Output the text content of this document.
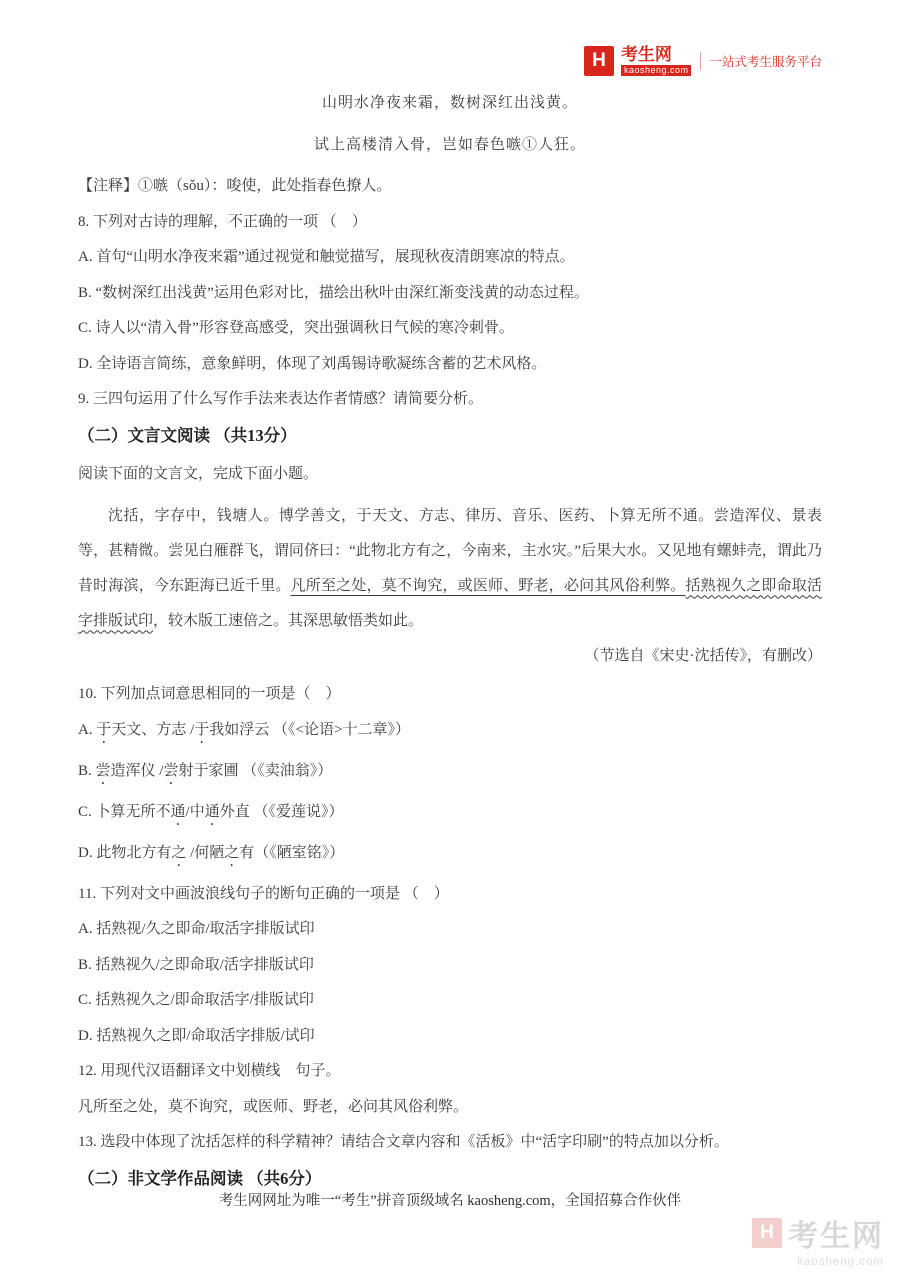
H 考生网
kaosheng.com
一站式考生服务平台

山明水净夜来霜，数树深红出浅黄。

试上高楼清入骨，岂如春色嗾①人狂。

【注释】①嗾（sǒu）：唆使，此处指春色撩人。

8. 下列对古诗的理解，不正确的一项 （　）

A. 首句“山明水净夜来霜”通过视觉和触觉描写，展现秋夜清朗寒凉的特点。

B. “数树深红出浅黄”运用色彩对比，描绘出秋叶由深红渐变浅黄的动态过程。

C. 诗人以“清入骨”形容登高感受，突出强调秋日气候的寒冷刺骨。

D. 全诗语言简练，意象鲜明，体现了刘禹锡诗歌凝练含蓄的艺术风格。

9. 三四句运用了什么写作手法来表达作者情感？请简要分析。

（二）文言文阅读 （共13分）

阅读下面的文言文，完成下面小题。

沈括，字存中，钱塘人。博学善文，于天文、方志、律历、音乐、医药、卜算无所不通。尝造浑仪、景表等，甚精微。尝见白雁群飞，谓同侪曰：“此物北方有之，今南来，主水灾。”后果大水。又见地有螺蚌壳，谓此乃昔时海滨，今东距海已近千里。凡所至之处，莫不询究，或医师、野老，必问其风俗利弊。括熟视久之即命取活字排版试印，较木版工速倍之。其深思敏悟类如此。

（节选自《宋史·沈括传》，有删改）

10. 下列加点词意思相同的一项是（　）

A. 于天文、方志 /于我如浮云 （《<论语>十二章》）

B. 尝造浑仪 /尝射于家圃 （《卖油翁》）

C. 卜算无所不通/中通外直 （《爱莲说》）

D. 此物北方有之 /何陋之有（《陋室铭》）

11. 下列对文中画波浪线句子的断句正确的一项是 （　）

A. 括熟视/久之即命/取活字排版试印

B. 括熟视久/之即命取/活字排版试印

C. 括熟视久之/即命取活字/排版试印

D. 括熟视久之即/命取活字排版/试印

12. 用现代汉语翻译文中划横线　句子。

凡所至之处，莫不询究，或医师、野老，必问其风俗利弊。

13. 选段中体现了沈括怎样的科学精神？请结合文章内容和《活板》中“活字印刷”的特点加以分析。

（二）非文学作品阅读 （共6分）

考生网网址为唯一“考生”拼音顶级域名 kaosheng.com，全国招募合作伙伴
H 考生网
kaosheng.com
